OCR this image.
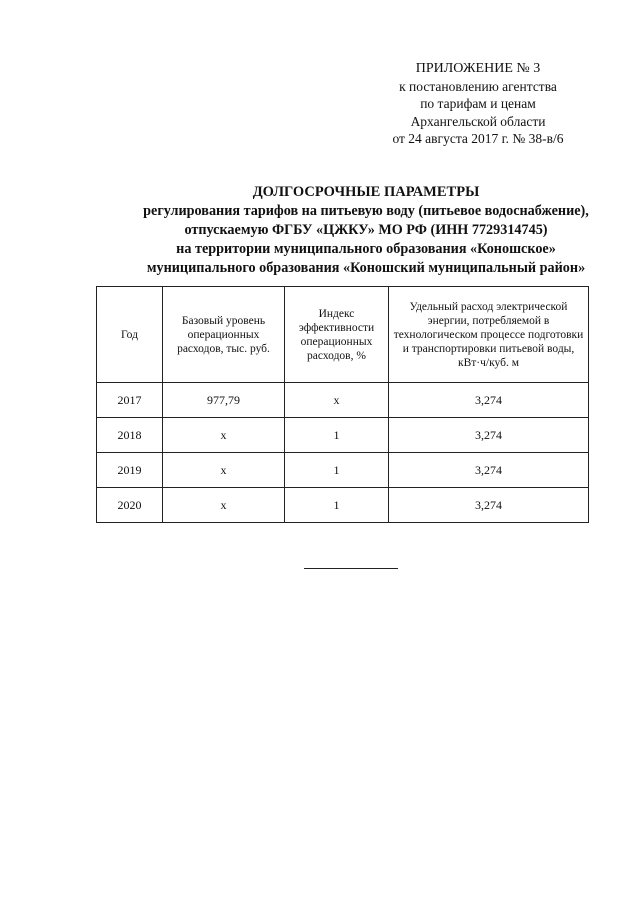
ПРИЛОЖЕНИЕ № 3
к постановлению агентства
по тарифам и ценам
Архангельской области
от 24 августа 2017 г. № 38-в/6
ДОЛГОСРОЧНЫЕ ПАРАМЕТРЫ
регулирования тарифов на питьевую воду (питьевое водоснабжение),
отпускаемую ФГБУ «ЦЖКУ» МО РФ (ИНН 7729314745)
на территории муниципального образования «Коношское»
муниципального образования «Коношский муниципальный район»
Год	Базовый уровень операционных расходов, тыс. руб.	Индекс эффективности операционных расходов, %	Удельный расход электрической энергии, потребляемой в технологическом процессе подготовки и транспортировки питьевой воды, кВт·ч/куб. м
2017	977,79	х	3,274
2018	х	1	3,274
2019	х	1	3,274
2020	х	1	3,274
